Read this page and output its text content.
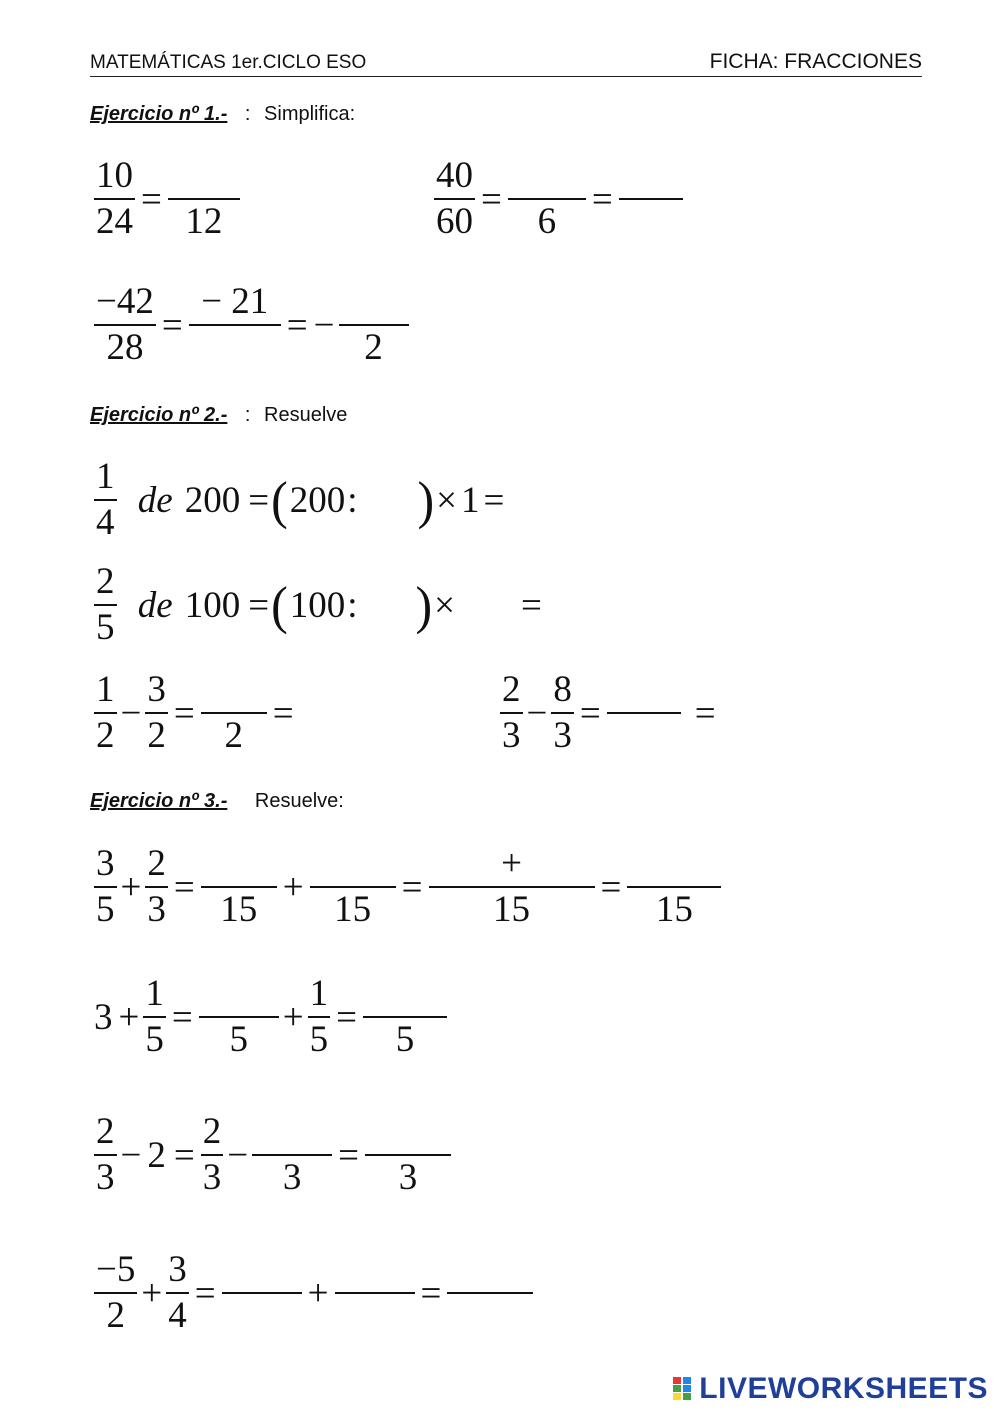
MATEMÁTICAS 1er.CICLO ESO	FICHA: FRACCIONES
Ejercicio nº 1.- : Simplifica:
$\frac{10}{24}$ =
12	$\frac{40}{60}$ =
6
=
$\frac{-42}{28}$ =
− 21
= −
2
Ejercicio nº 2.- : Resuelve
$\frac{1}{4}$ de 200 =(200: )× 1 =
$\frac{2}{5}$ de 100 =(100: )× =
$\frac{1}{2} - \frac{3}{2}$ =
2
=	$\frac{2}{3} - \frac{8}{3}$ =	=
Ejercicio nº 3.- Resuelve:
$\frac{3}{5} + \frac{2}{3}$ =
15
+
15
=
+
15
=
15
$3 + \frac{1}{5}$ =
5
+ $\frac{1}{5}$ =
5
$\frac{2}{3} - 2 = \frac{2}{3}$ −
3
=
3
$\frac{-5}{2} + \frac{3}{4}$ = + =
LIVEWORKSHEETS
